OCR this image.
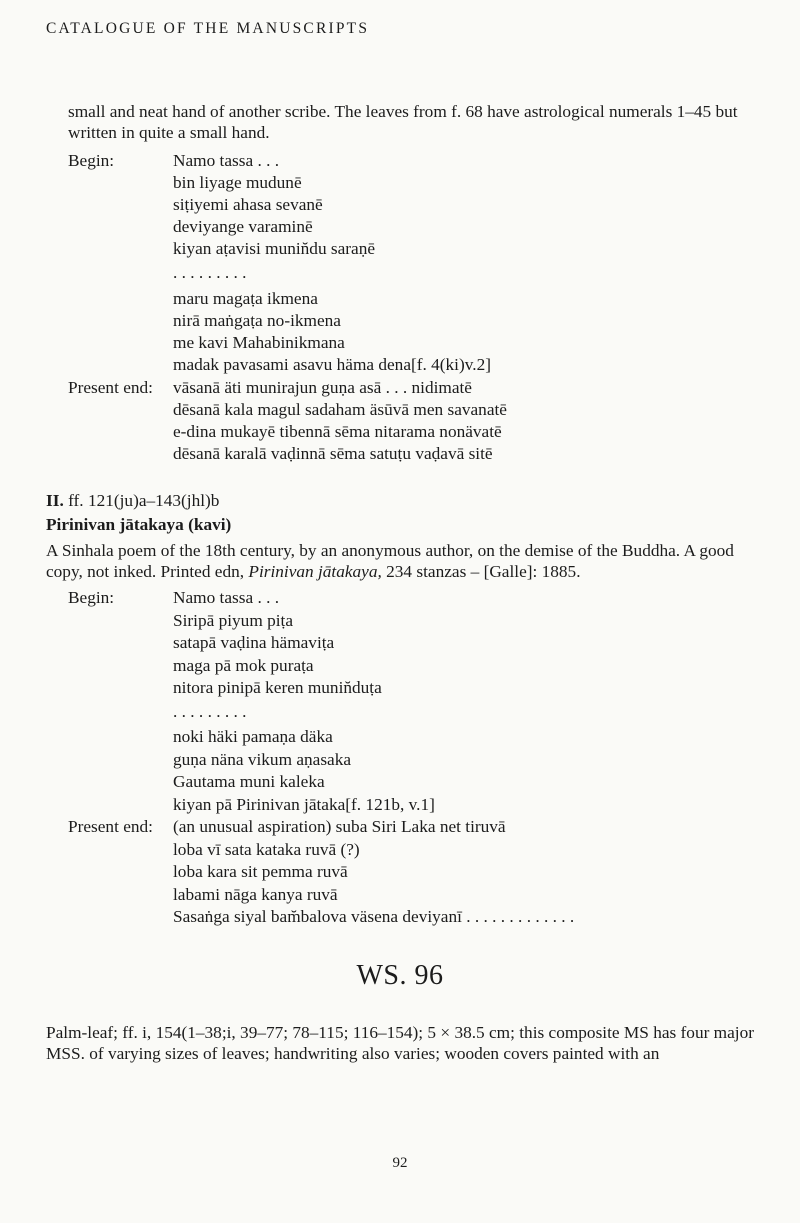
CATALOGUE OF THE MANUSCRIPTS

small and neat hand of another scribe. The leaves from f. 68 have astrological numerals 1–45 but written in quite a small hand.

Begin:	Namo tassa . . .
bin liyage mudunē
siṭiyemi ahasa sevanē
deviyange varaminē
kiyan aṭavisi munin̆du saraṇē
. . . . . . . . .
maru magaṭa ikmena
nirā maṅgaṭa no-ikmena
me kavi Mahabinikmana
madak pavasami asavu häma dena[f. 4(ki)v.2]
Present end: vāsanā äti munirajun guṇa asā . . . nidimatē
dēsanā kala magul sadaham äsūvā men savanatē
e-dina mukayē tibennā sēma nitarama nonävatē
dēsanā karalā vaḍinnā sēma satuṭu vaḍavā sitē
II. ff. 121(ju)a–143(jhl)b
Pirinivan jātakaya (kavi)

A Sinhala poem of the 18th century, by an anonymous author, on the demise of the Buddha. A good copy, not inked. Printed edn, Pirinivan jātakaya, 234 stanzas – [Galle]: 1885.

Begin:	Namo tassa . . .
Siripā piyum piṭa
satapā vaḍina hämaviṭa
maga pā mok puraṭa
nitora pinipā keren munin̆duṭa
. . . . . . . . .
noki häki pamaṇa däka
guṇa näna vikum aṇasaka
Gautama muni kaleka
kiyan pā Pirinivan jātaka[f. 121b, v.1]
Present end: (an unusual aspiration) suba Siri Laka net tiruvā
loba vī sata kataka ruvā (?)
loba kara sit pemma ruvā
labami nāga kanya ruvā
Sasaṅga siyal bam̆balova väsena deviyanī . . . . . . . . . . . . .
WS. 96

Palm-leaf; ff. i, 154(1–38;i, 39–77; 78–115; 116–154); 5 × 38.5 cm; this composite MS has four major MSS. of varying sizes of leaves; handwriting also varies; wooden covers painted with an

92
